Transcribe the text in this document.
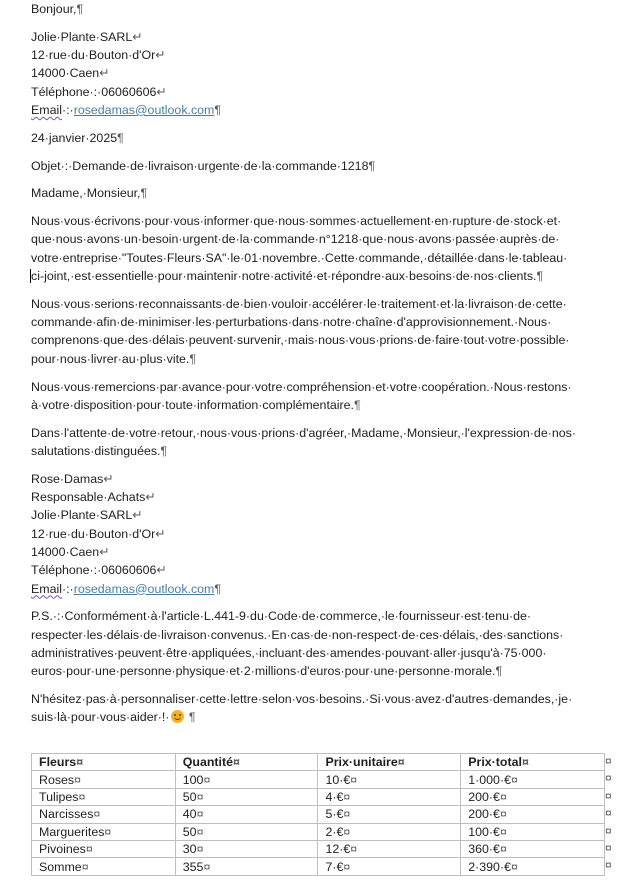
Bonjour,¶

Jolie·Plante·SARL↵

12·rue·du·Bouton·d'Or↵

14000·Caen↵

Téléphone·:·06060606↵

Email·:·rosedamas@outlook.com¶

24·janvier·2025¶

Objet·:·Demande·de·livraison·urgente·de·la·commande·1218¶

Madame,·Monsieur,¶

Nous·vous·écrivons·pour·vous·informer·que·nous·sommes·actuellement·en·rupture·de·stock·et·
que·nous·avons·un·besoin·urgent·de·la·commande·n°1218·que·nous·avons·passée·auprès·de·
votre·entreprise·"Toutes·Fleurs·SA"·le·01·novembre.·Cette·commande,·détaillée·dans·le·tableau·
ci-joint,·est·essentielle·pour·maintenir·notre·activité·et·répondre·aux·besoins·de·nos·clients.¶
Nous·vous·serions·reconnaissants·de·bien·vouloir·accélérer·le·traitement·et·la·livraison·de·cette·
commande·afin·de·minimiser·les·perturbations·dans·notre·chaîne·d'approvisionnement.·Nous·
comprenons·que·des·délais·peuvent·survenir,·mais·nous·vous·prions·de·faire·tout·votre·possible·
pour·nous·livrer·au·plus·vite.¶
Nous·vous·remercions·par·avance·pour·votre·compréhension·et·votre·coopération.·Nous·restons·
à·votre·disposition·pour·toute·information·complémentaire.¶
Dans·l'attente·de·votre·retour,·nous·vous·prions·d'agréer,·Madame,·Monsieur,·l'expression·de·nos·
salutations·distinguées.¶

Rose·Damas↵

Responsable·Achats↵

Jolie·Plante·SARL↵

12·rue·du·Bouton·d'Or↵

14000·Caen↵

Téléphone·:·06060606↵

Email·:·rosedamas@outlook.com¶

P.S.·:·Conformément·à·l'article·L.441-9·du·Code·de·commerce,·le·fournisseur·est·tenu·de·
respecter·les·délais·de·livraison·convenus.·En·cas·de·non-respect·de·ces·délais,·des·sanctions·
administratives·peuvent·être·appliquées,·incluant·des·amendes·pouvant·aller·jusqu'à·75·000·
euros·pour·une·personne·physique·et·2·millions·d'euros·pour·une·personne·morale.¶
N'hésitez·pas·à·personnaliser·cette·lettre·selon·vos·besoins.·Si·vous·avez·d'autres·demandes,·je·
suis·là·pour·vous·aider·!·
  ¶
Fleurs¤	Quantité¤	Prix·unitaire¤	Prix·total¤
Roses¤	100¤	10·€¤	1·000·€¤
Tulipes¤	50¤	4·€¤	200·€¤
Narcisses¤	40¤	5·€¤	200·€¤
Marguerites¤	50¤	2·€¤	100·€¤
Pivoines¤	30¤	12·€¤	360·€¤
Somme¤	355¤	7·€¤	2·390·€¤
¤
¤
¤
¤
¤
¤
¤
